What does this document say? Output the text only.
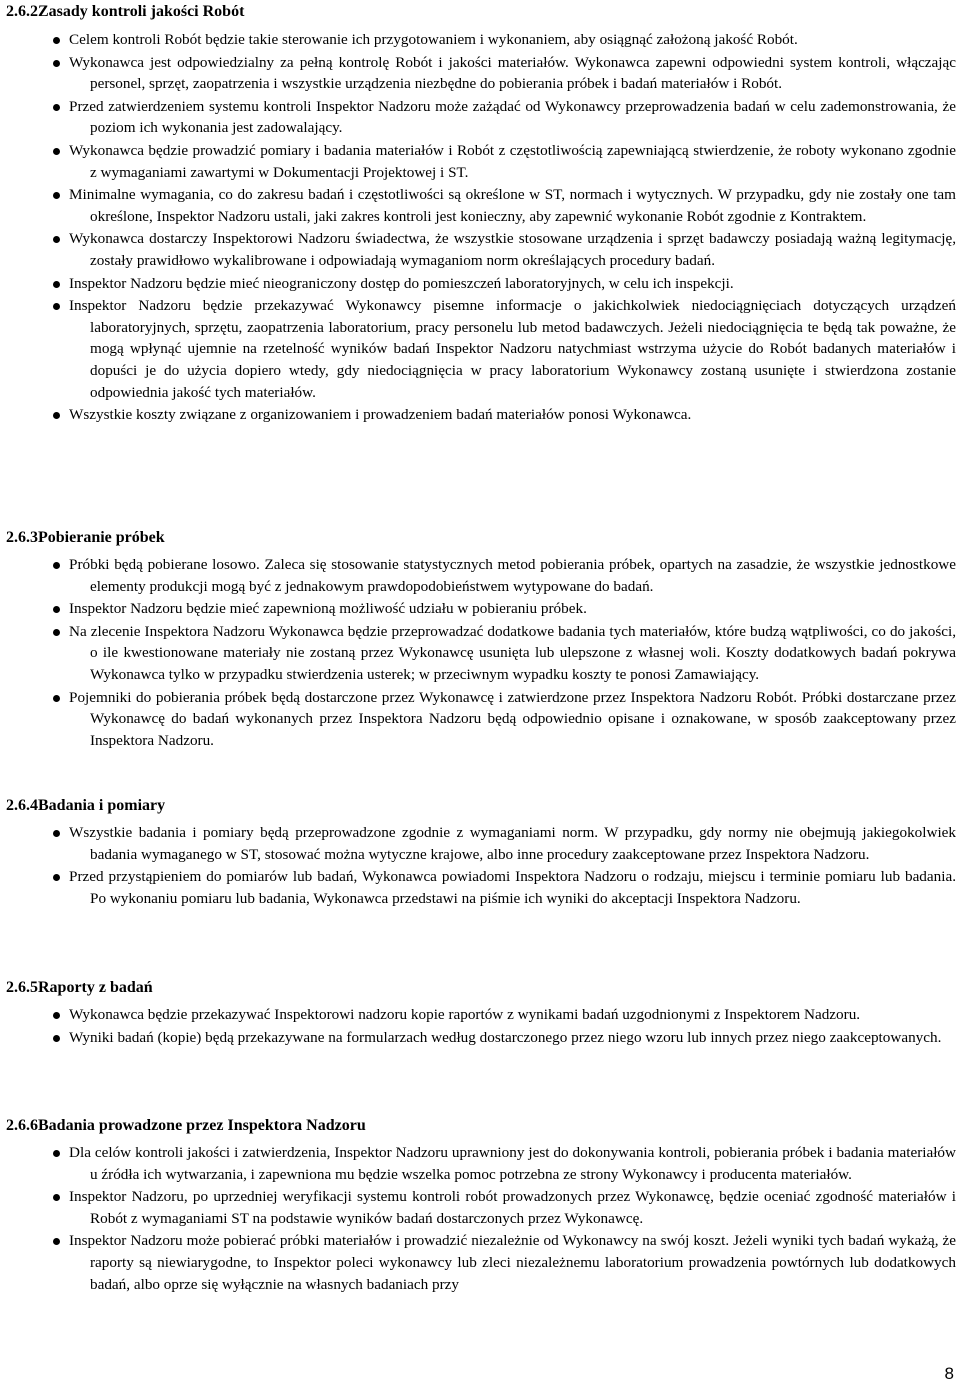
2.6.2Zasady kontroli jakości Robót
Celem kontroli Robót będzie takie sterowanie ich przygotowaniem i wykonaniem, aby osiągnąć założoną jakość Robót.
Wykonawca jest odpowiedzialny za pełną kontrolę Robót i jakości materiałów. Wykonawca zapewni odpowiedni system kontroli, włączając personel, sprzęt, zaopatrzenia i wszystkie urządzenia niezbędne do pobierania próbek i badań materiałów i Robót.
Przed zatwierdzeniem systemu kontroli Inspektor Nadzoru może zażądać od Wykonawcy przeprowadzenia badań w celu zademonstrowania, że poziom ich wykonania jest zadowalający.
Wykonawca będzie prowadzić pomiary i badania materiałów i Robót z częstotliwością zapewniającą stwierdzenie, że roboty wykonano zgodnie z wymaganiami zawartymi w Dokumentacji Projektowej i ST.
Minimalne wymagania, co do zakresu badań i częstotliwości są określone w ST, normach i wytycznych. W przypadku, gdy nie zostały one tam określone, Inspektor Nadzoru ustali, jaki zakres kontroli jest konieczny, aby zapewnić wykonanie Robót zgodnie z Kontraktem.
Wykonawca dostarczy Inspektorowi Nadzoru świadectwa, że wszystkie stosowane urządzenia i sprzęt badawczy posiadają ważną legitymację, zostały prawidłowo wykalibrowane i odpowiadają wymaganiom norm określających procedury badań.
Inspektor Nadzoru będzie mieć nieograniczony dostęp do pomieszczeń laboratoryjnych, w celu ich inspekcji.
Inspektor Nadzoru będzie przekazywać Wykonawcy pisemne informacje o jakichkolwiek niedociągnięciach dotyczących urządzeń laboratoryjnych, sprzętu, zaopatrzenia laboratorium, pracy personelu lub metod badawczych. Jeżeli niedociągnięcia te będą tak poważne, że mogą wpłynąć ujemnie na rzetelność wyników badań Inspektor Nadzoru natychmiast wstrzyma użycie do Robót badanych materiałów i dopuści je do użycia dopiero wtedy, gdy niedociągnięcia w pracy laboratorium Wykonawcy zostaną usunięte i stwierdzona zostanie odpowiednia jakość tych materiałów.
Wszystkie koszty związane z organizowaniem i prowadzeniem badań materiałów ponosi Wykonawca.
2.6.3Pobieranie próbek
Próbki będą pobierane losowo. Zaleca się stosowanie statystycznych metod pobierania próbek, opartych na zasadzie, że wszystkie jednostkowe elementy produkcji mogą być z jednakowym prawdopodobieństwem wytypowane do badań.
Inspektor Nadzoru będzie mieć zapewnioną możliwość udziału w pobieraniu próbek.
Na zlecenie Inspektora Nadzoru Wykonawca będzie przeprowadzać dodatkowe badania tych materiałów, które budzą wątpliwości, co do jakości, o ile kwestionowane materiały nie zostaną przez Wykonawcę usunięta lub ulepszone z własnej woli. Koszty dodatkowych badań pokrywa Wykonawca tylko w przypadku stwierdzenia usterek; w przeciwnym wypadku koszty te ponosi Zamawiający.
Pojemniki do pobierania próbek będą dostarczone przez Wykonawcę i zatwierdzone przez Inspektora Nadzoru Robót. Próbki dostarczane przez Wykonawcę do badań wykonanych przez Inspektora Nadzoru będą odpowiednio opisane i oznakowane, w sposób zaakceptowany przez Inspektora Nadzoru.
2.6.4Badania i pomiary
Wszystkie badania i pomiary będą przeprowadzone zgodnie z wymaganiami norm. W przypadku, gdy normy nie obejmują jakiegokolwiek badania wymaganego w ST, stosować można wytyczne krajowe, albo inne procedury zaakceptowane przez Inspektora Nadzoru.
Przed przystąpieniem do pomiarów lub badań, Wykonawca powiadomi Inspektora Nadzoru o rodzaju, miejscu i terminie pomiaru lub badania. Po wykonaniu pomiaru lub badania, Wykonawca przedstawi na piśmie ich wyniki do akceptacji Inspektora Nadzoru.
2.6.5Raporty z badań
Wykonawca będzie przekazywać Inspektorowi nadzoru kopie raportów z wynikami badań uzgodnionymi z Inspektorem Nadzoru.
Wyniki badań (kopie) będą przekazywane na formularzach według dostarczonego przez niego wzoru lub innych przez niego zaakceptowanych.
2.6.6Badania prowadzone przez Inspektora Nadzoru
Dla celów kontroli jakości i zatwierdzenia, Inspektor Nadzoru uprawniony jest do dokonywania kontroli, pobierania próbek i badania materiałów u źródła ich wytwarzania, i zapewniona mu będzie wszelka pomoc potrzebna ze strony Wykonawcy i producenta materiałów.
Inspektor Nadzoru, po uprzedniej weryfikacji systemu kontroli robót prowadzonych przez Wykonawcę, będzie oceniać zgodność materiałów i Robót z wymaganiami ST na podstawie wyników badań dostarczonych przez Wykonawcę.
Inspektor Nadzoru może pobierać próbki materiałów i prowadzić niezależnie od Wykonawcy na swój koszt. Jeżeli wyniki tych badań wykażą, że raporty są niewiarygodne, to Inspektor poleci wykonawcy lub zleci niezależnemu laboratorium prowadzenia powtórnych lub dodatkowych badań, albo oprze się wyłącznie na własnych badaniach przy
8
